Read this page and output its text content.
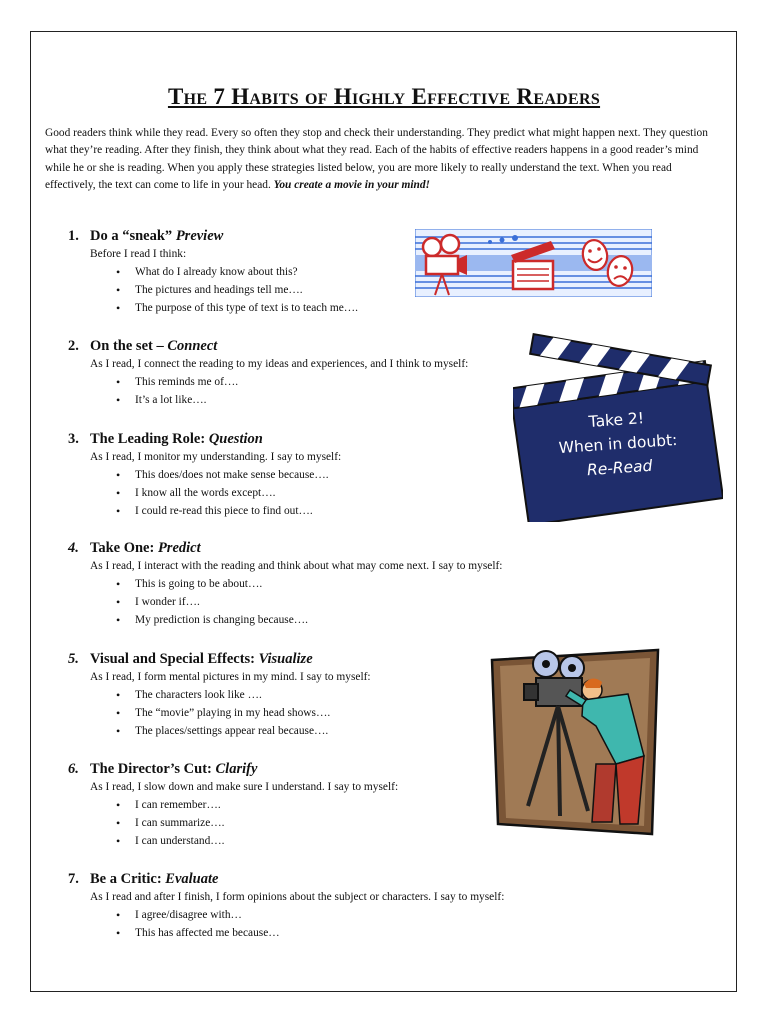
The 7 Habits of Highly Effective Readers
Good readers think while they read. Every so often they stop and check their understanding. They predict what might happen next. They question what they’re reading. After they finish, they think about what they read. Each of the habits of effective readers happens in a good reader’s mind while he or she is reading. When you apply these strategies listed below, you are more likely to really understand the text. When you read effectively, the text can come to life in your head. You create a movie in your mind!
1. Do a “sneak” Preview
Before I read I think:
• What do I already know about this?
• The pictures and headings tell me….
• The purpose of this type of text is to teach me….
2. On the set – Connect
As I read, I connect the reading to my ideas and experiences, and I think to myself:
• This reminds me of….
• It’s a lot like….
3. The Leading Role: Question
As I read, I monitor my understanding. I say to myself:
• This does/does not make sense because….
• I know all the words except….
• I could re-read this piece to find out….
4. Take One: Predict
As I read, I interact with the reading and think about what may come next. I say to myself:
• This is going to be about….
• I wonder if….
• My prediction is changing because….
5. Visual and Special Effects: Visualize
As I read, I form mental pictures in my mind. I say to myself:
• The characters look like ….
• The “movie” playing in my head shows….
• The places/settings appear real because….
6. The Director’s Cut: Clarify
As I read, I slow down and make sure I understand. I say to myself:
• I can remember….
• I can summarize….
• I can understand….
7. Be a Critic: Evaluate
As I read and after I finish, I form opinions about the subject or characters. I say to myself:
• I agree/disagree with…
• This has affected me because…
Take 2!
When in doubt:
Re-Read
